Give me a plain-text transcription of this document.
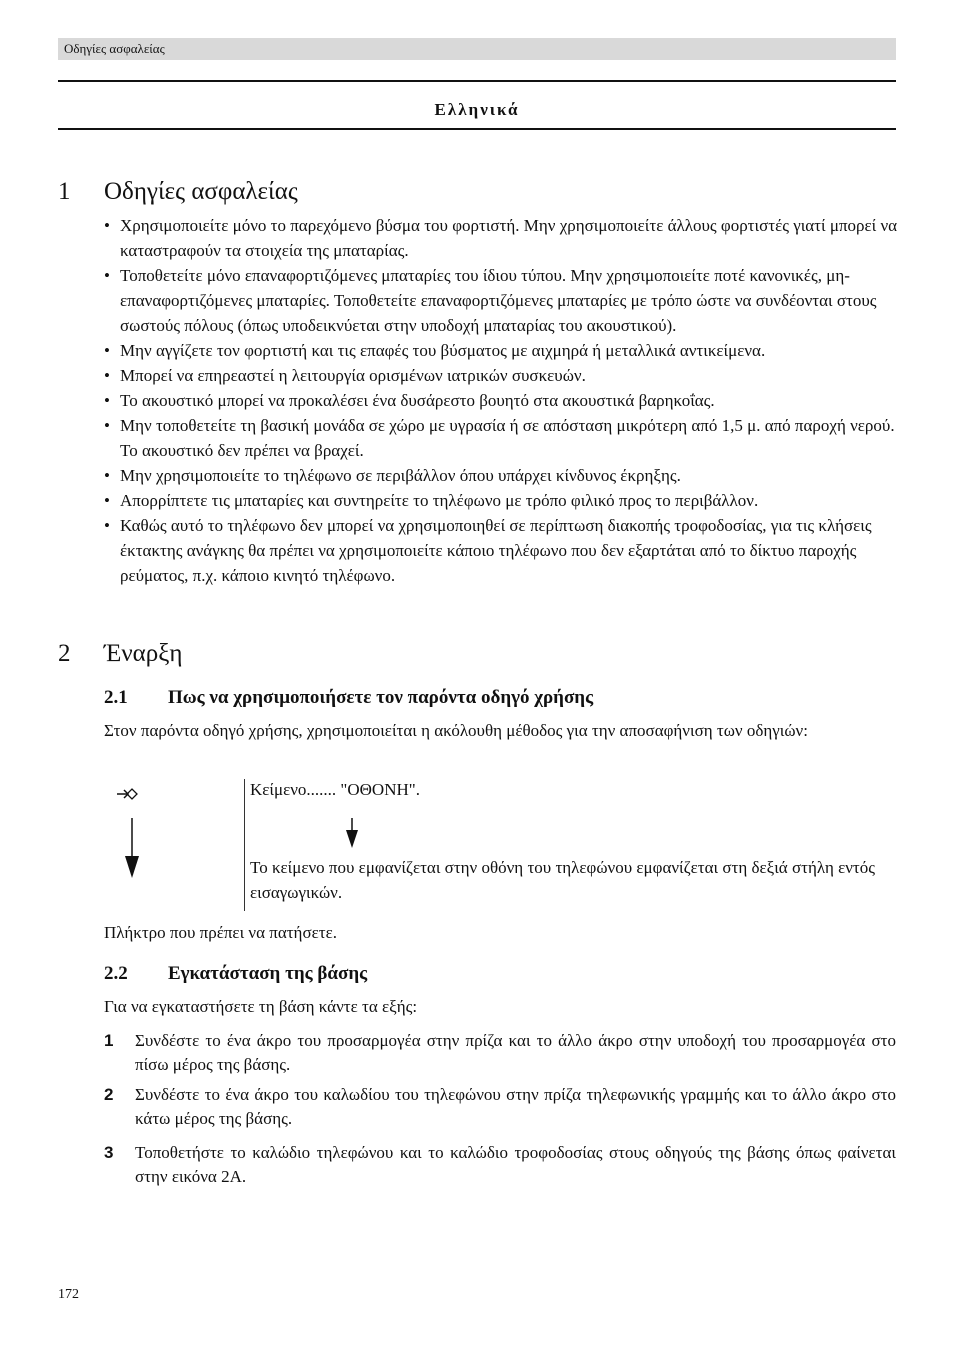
Οδηγίες ασφαλείας
Ελληνικά
1 Οδηγίες ασφαλείας
• Χρησιμοποιείτε μόνο το παρεχόμενο βύσμα του φορτιστή. Μην χρησιμοποιείτε άλλους φορτιστές γιατί μπορεί να καταστραφούν τα στοιχεία της μπαταρίας.
• Τοποθετείτε μόνο επαναφορτιζόμενες μπαταρίες του ίδιου τύπου. Μην χρησιμοποιείτε ποτέ κανονικές, μη-επαναφορτιζόμενες μπαταρίες. Τοποθετείτε επαναφορτιζόμενες μπαταρίες με τρόπο ώστε να συνδέονται στους σωστούς πόλους (όπως υποδεικνύεται στην υποδοχή μπαταρίας του ακουστικού).
• Μην αγγίζετε τον φορτιστή και τις επαφές του βύσματος με αιχμηρά ή μεταλλικά αντικείμενα.
• Μπορεί να επηρεαστεί η λειτουργία ορισμένων ιατρικών συσκευών.
• Το ακουστικό μπορεί να προκαλέσει ένα δυσάρεστο βουητό στα ακουστικά βαρηκοΐας.
• Μην τοποθετείτε τη βασική μονάδα σε χώρο με υγρασία ή σε απόσταση μικρότερη από 1,5 μ. από παροχή νερού. Το ακουστικό δεν πρέπει να βραχεί.
• Μην χρησιμοποιείτε το τηλέφωνο σε περιβάλλον όπου υπάρχει κίνδυνος έκρηξης.
• Απορρίπτετε τις μπαταρίες και συντηρείτε το τηλέφωνο με τρόπο φιλικό προς το περιβάλλον.
• Καθώς αυτό το τηλέφωνο δεν μπορεί να χρησιμοποιηθεί σε περίπτωση διακοπής τροφοδοσίας, για τις κλήσεις έκτακτης ανάγκης θα πρέπει να χρησιμοποιείτε κάποιο τηλέφωνο που δεν εξαρτάται από το δίκτυο παροχής ρεύματος, π.χ. κάποιο κινητό τηλέφωνο.
2 Έναρξη
2.1 Πως να χρησιμοποιήσετε τον παρόντα οδηγό χρήσης
Στον παρόντα οδηγό χρήσης, χρησιμοποιείται η ακόλουθη μέθοδος για την αποσαφήνιση των οδηγιών:
Κείμενο....... "ΟΘΟΝΗ".
Το κείμενο που εμφανίζεται στην οθόνη του τηλεφώνου εμφανίζεται στη δεξιά στήλη εντός εισαγωγικών.
Πλήκτρο που πρέπει να πατήσετε.
2.2 Εγκατάσταση της βάσης
Για να εγκαταστήσετε τη βάση κάντε τα εξής:
1 Συνδέστε το ένα άκρο του προσαρμογέα στην πρίζα και το άλλο άκρο στην υποδοχή του προσαρμογέα στο πίσω μέρος της βάσης.
2 Συνδέστε το ένα άκρο του καλωδίου του τηλεφώνου στην πρίζα τηλεφωνικής γραμμής και το άλλο άκρο στο κάτω μέρος της βάσης.
3 Τοποθετήστε το καλώδιο τηλεφώνου και το καλώδιο τροφοδοσίας στους οδηγούς της βάσης όπως φαίνεται στην εικόνα 2Α.
172
